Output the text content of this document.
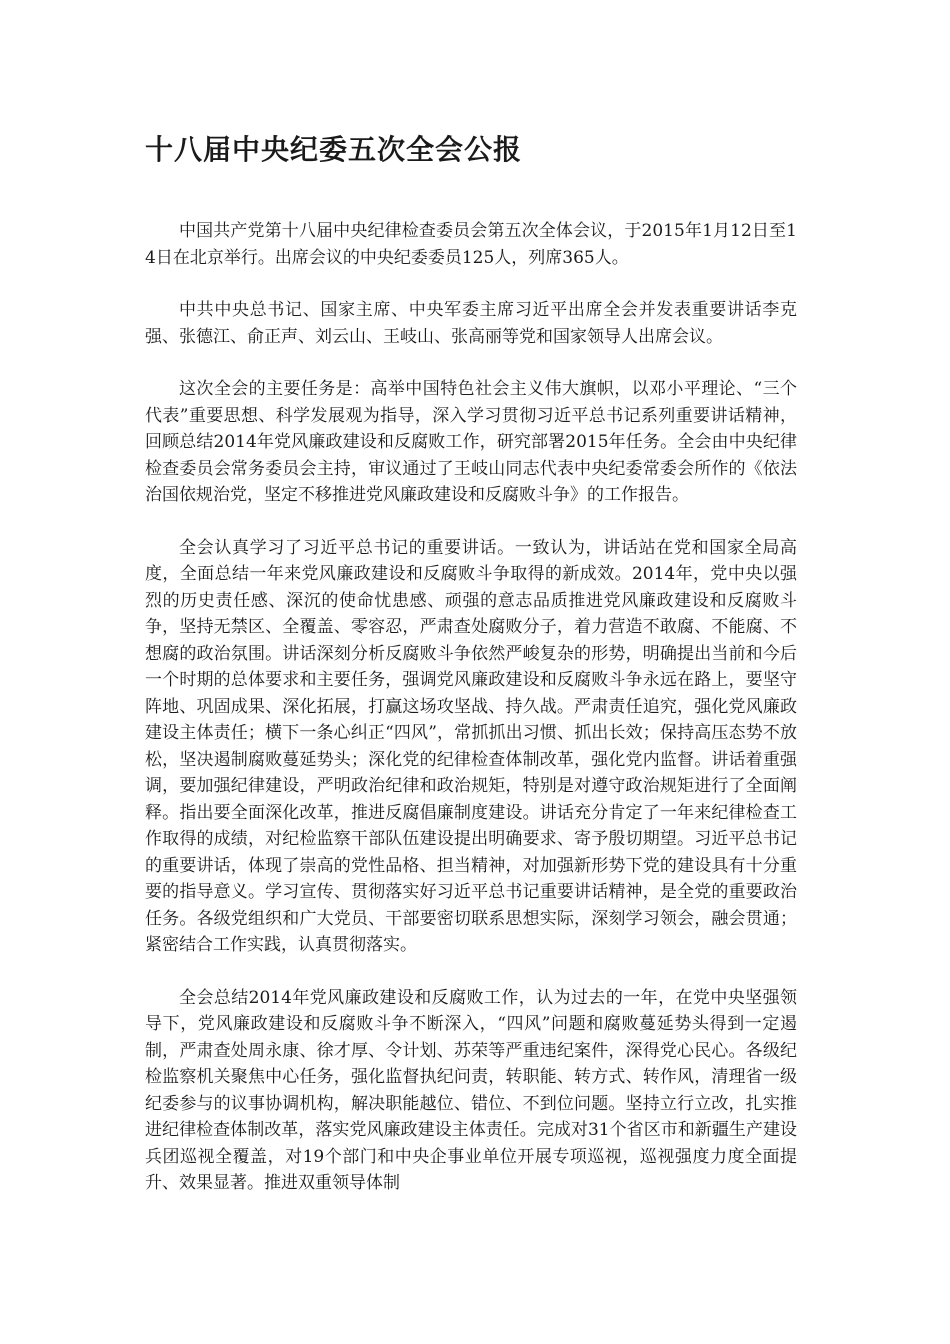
十八届中央纪委五次全会公报

中国共产党第十八届中央纪律检查委员会第五次全体会议，于2015年1月12日至14日在北京举行。出席会议的中央纪委委员125人，列席365人。

中共中央总书记、国家主席、中央军委主席习近平出席全会并发表重要讲话李克强、张德江、俞正声、刘云山、王岐山、张高丽等党和国家领导人出席会议。

这次全会的主要任务是：高举中国特色社会主义伟大旗帜，以邓小平理论、“三个代表”重要思想、科学发展观为指导，深入学习贯彻习近平总书记系列重要讲话精神，回顾总结2014年党风廉政建设和反腐败工作，研究部署2015年任务。全会由中央纪律检查委员会常务委员会主持，审议通过了王岐山同志代表中央纪委常委会所作的《依法治国依规治党，坚定不移推进党风廉政建设和反腐败斗争》的工作报告。

全会认真学习了习近平总书记的重要讲话。一致认为，讲话站在党和国家全局高度，全面总结一年来党风廉政建设和反腐败斗争取得的新成效。2014年，党中央以强烈的历史责任感、深沉的使命忧患感、顽强的意志品质推进党风廉政建设和反腐败斗争，坚持无禁区、全覆盖、零容忍，严肃查处腐败分子，着力营造不敢腐、不能腐、不想腐的政治氛围。讲话深刻分析反腐败斗争依然严峻复杂的形势，明确提出当前和今后一个时期的总体要求和主要任务，强调党风廉政建设和反腐败斗争永远在路上，要坚守阵地、巩固成果、深化拓展，打赢这场攻坚战、持久战。严肃责任追究，强化党风廉政建设主体责任；横下一条心纠正“四风”，常抓抓出习惯、抓出长效；保持高压态势不放松，坚决遏制腐败蔓延势头；深化党的纪律检查体制改革，强化党内监督。讲话着重强调，要加强纪律建设，严明政治纪律和政治规矩，特别是对遵守政治规矩进行了全面阐释。指出要全面深化改革，推进反腐倡廉制度建设。讲话充分肯定了一年来纪律检查工作取得的成绩，对纪检监察干部队伍建设提出明确要求、寄予殷切期望。习近平总书记的重要讲话，体现了崇高的党性品格、担当精神，对加强新形势下党的建设具有十分重要的指导意义。学习宣传、贯彻落实好习近平总书记重要讲话精神，是全党的重要政治任务。各级党组织和广大党员、干部要密切联系思想实际，深刻学习领会，融会贯通；紧密结合工作实践，认真贯彻落实。

全会总结2014年党风廉政建设和反腐败工作，认为过去的一年，在党中央坚强领导下，党风廉政建设和反腐败斗争不断深入，“四风”问题和腐败蔓延势头得到一定遏制，严肃查处周永康、徐才厚、令计划、苏荣等严重违纪案件，深得党心民心。各级纪检监察机关聚焦中心任务，强化监督执纪问责，转职能、转方式、转作风，清理省一级纪委参与的议事协调机构，解决职能越位、错位、不到位问题。坚持立行立改，扎实推进纪律检查体制改革，落实党风廉政建设主体责任。完成对31个省区市和新疆生产建设兵团巡视全覆盖，对19个部门和中央企事业单位开展专项巡视，巡视强度力度全面提升、效果显著。推进双重领导体制
